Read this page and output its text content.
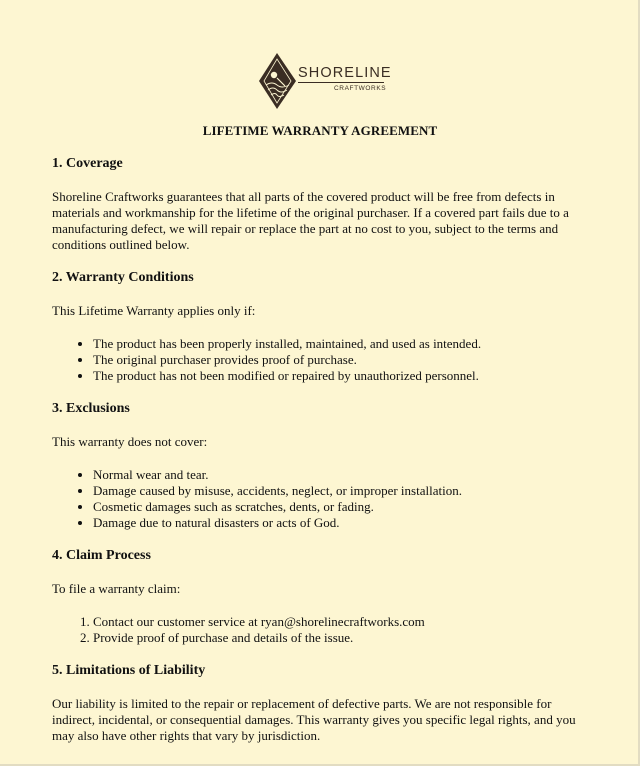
SHORELINE
CRAFTWORKS
LIFETIME WARRANTY AGREEMENT
1. Coverage

Shoreline Craftworks guarantees that all parts of the covered product will be free from defects in materials and workmanship for the lifetime of the original purchaser. If a covered part fails due to a manufacturing defect, we will repair or replace the part at no cost to you, subject to the terms and conditions outlined below.

2. Warranty Conditions

This Lifetime Warranty applies only if:

• The product has been properly installed, maintained, and used as intended.
• The original purchaser provides proof of purchase.
• The product has not been modified or repaired by unauthorized personnel.
3. Exclusions

This warranty does not cover:

• Normal wear and tear.
• Damage caused by misuse, accidents, neglect, or improper installation.
• Cosmetic damages such as scratches, dents, or fading.
• Damage due to natural disasters or acts of God.
4. Claim Process

To file a warranty claim:

1. Contact our customer service at ryan@shorelinecraftworks.com
2. Provide proof of purchase and details of the issue.
5. Limitations of Liability

Our liability is limited to the repair or replacement of defective parts. We are not responsible for indirect, incidental, or consequential damages. This warranty gives you specific legal rights, and you may also have other rights that vary by jurisdiction.
